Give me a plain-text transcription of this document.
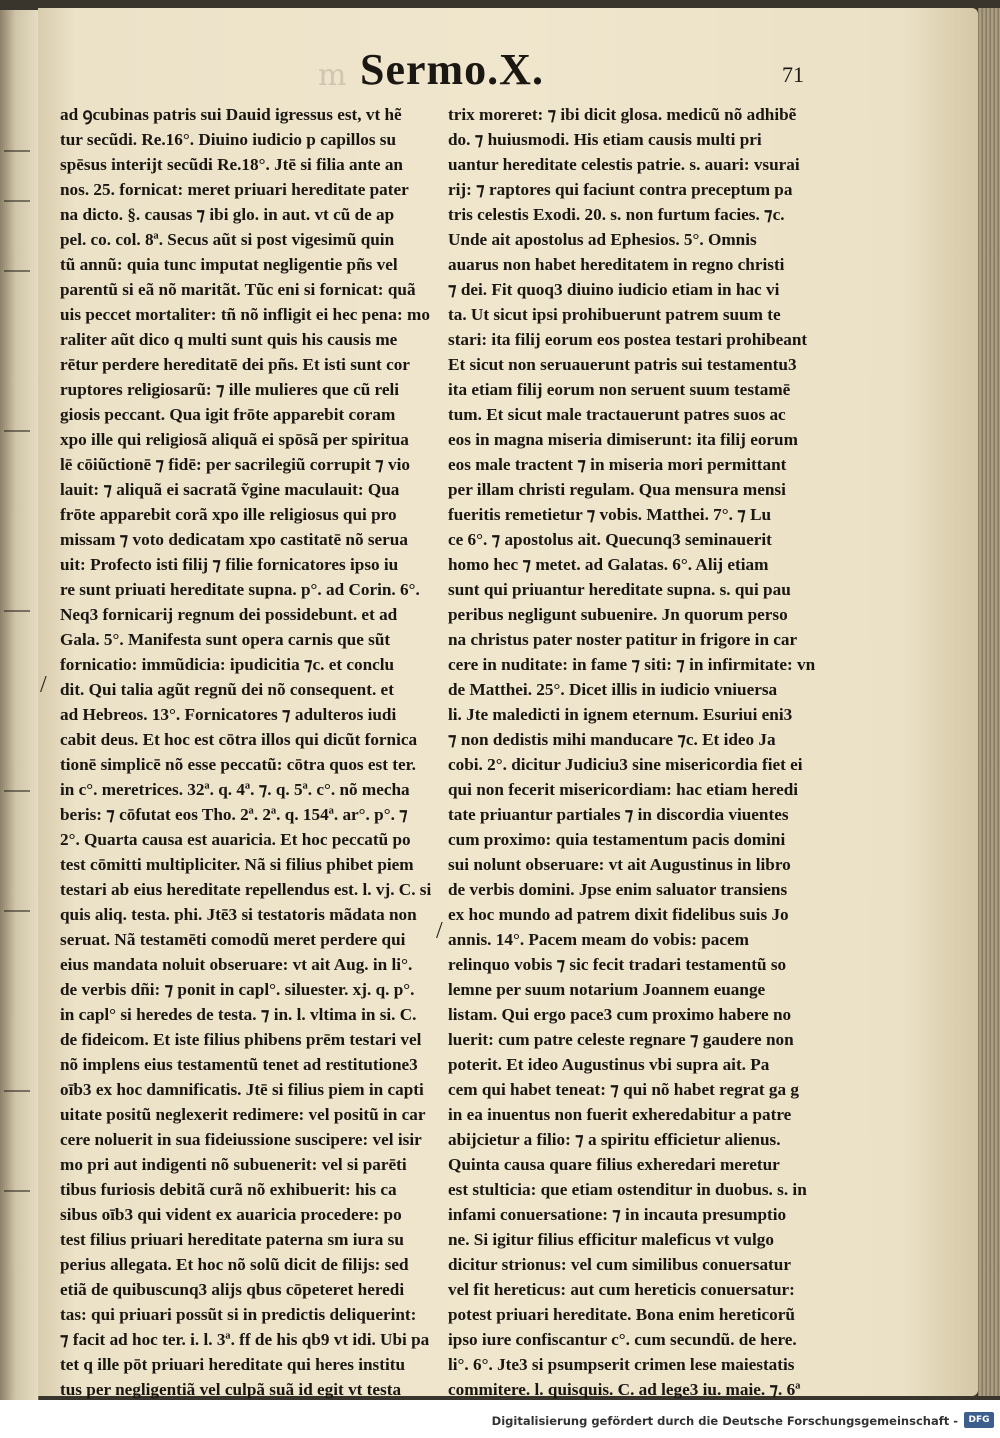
m Sermo.X.	71
ad ꝯcubinas patris sui Dauid igressus est, vt hẽ
tur secũdi. Re.16°. Diuino iudicio p capillos su
spēsus interijt secũdi Re.18°. Jtē si filia ante an
nos. 25. fornicat: meret priuari hereditate pater
na dicto. §. causas ⁊ ibi glo. in aut. vt cũ de ap
pel. co. col. 8ª. Secus aũt si post vigesimũ quin
tũ annũ: quia tunc imputat negligentie pñs vel
parentũ si eã nõ maritãt. Tũc eni si fornicat: quã
uis peccet mortaliter: tñ nõ infligit ei hec pena: mo
raliter aũt dico q multi sunt quis his causis me
rētur perdere hereditatē dei pñs. Et isti sunt cor
ruptores religiosarũ: ⁊ ille mulieres que cũ reli
giosis peccant. Qua igit frōte apparebit coram
xpo ille qui religiosã aliquã ei spōsã per spiritua
lē cōiũctionē ⁊ fidē: per sacrilegiũ corrupit ⁊ vio
lauit: ⁊ aliquã ei sacratã ṽgine maculauit: Qua
frōte apparebit corã xpo ille religiosus qui pro
missam ⁊ voto dedicatam xpo castitatē nõ serua
uit: Profecto isti filij ⁊ filie fornicatores ipso iu
re sunt priuati hereditate supna. p°. ad Corin. 6°.
Neq3 fornicarij regnum dei possidebunt. et ad
Gala. 5°. Manifesta sunt opera carnis que sũt
fornicatio: immũdicia: ipudicitia ⁊c. et conclu
dit. Qui talia agũt regnũ dei nõ consequent. et
ad Hebreos. 13°. Fornicatores ⁊ adulteros iudi
cabit deus. Et hoc est cōtra illos qui dicũt fornica
tionē simplicē nõ esse peccatũ: cōtra quos est ter.
in c°. meretrices. 32ª. q. 4ª. ⁊. q. 5ª. c°. nõ mecha
beris: ⁊ cōfutat eos Tho. 2ª. 2ª. q. 154ª. ar°. p°. ⁊
2°. Quarta causa est auaricia. Et hoc peccatũ po
test cōmitti multipliciter. Nã si filius phibet piem
testari ab eius hereditate repellendus est. l. vj. C. si
quis aliq. testa. phi. Jtē3 si testatoris mãdata non
seruat. Nã testamēti comodũ meret perdere qui
eius mandata noluit obseruare: vt ait Aug. in li°.
de verbis dñi: ⁊ ponit in capl°. siluester. xj. q. p°.
in capl° si heredes de testa. ⁊ in. l. vltima in si. C.
de fideicom. Et iste filius phibens prēm testari vel
nõ implens eius testamentũ tenet ad restitutione3
oīb3 ex hoc damnificatis. Jtē si filius piem in capti
uitate positũ neglexerit redimere: vel positũ in car
cere noluerit in sua fideiussione suscipere: vel isir
mo pri aut indigenti nõ subuenerit: vel si parēti
tibus furiosis debitã curã nõ exhibuerit: his ca
sibus oīb3 qui vident ex auaricia procedere: po
test filius priuari hereditate paterna sm iura su
perius allegata. Et hoc nõ solũ dicit de filijs: sed
etiã de quibuscunq3 alijs qbus cōpeteret heredi
tas: qui priuari possũt si in predictis deliquerint:
⁊ facit ad hoc ter. i. l. 3ª. ff de his qb9 vt idi. Ubi pa
tet q ille pōt priuari hereditate qui heres institu
tus per negligentiã vel culpã suã id egit vt testa
trix moreret: ⁊ ibi dicit glosa. medicũ nõ adhibẽ
do. ⁊ huiusmodi. His etiam causis multi pri
uantur hereditate celestis patrie. s. auari: vsurai
rij: ⁊ raptores qui faciunt contra preceptum pa
tris celestis Exodi. 20. s. non furtum facies. ⁊c.
Unde ait apostolus ad Ephesios. 5°. Omnis
auarus non habet hereditatem in regno christi
⁊ dei. Fit quoq3 diuino iudicio etiam in hac vi
ta. Ut sicut ipsi prohibuerunt patrem suum te
stari: ita filij eorum eos postea testari prohibeant
Et sicut non seruauerunt patris sui testamentu3
ita etiam filij eorum non seruent suum testamē
tum. Et sicut male tractauerunt patres suos ac
eos in magna miseria dimiserunt: ita filij eorum
eos male tractent ⁊ in miseria mori permittant
per illam christi regulam. Qua mensura mensi
fueritis remetietur ⁊ vobis. Matthei. 7°. ⁊ Lu
ce 6°. ⁊ apostolus ait. Quecunq3 seminauerit
homo hec ⁊ metet. ad Galatas. 6°. Alij etiam
sunt qui priuantur hereditate supna. s. qui pau
peribus negligunt subuenire. Jn quorum perso
na christus pater noster patitur in frigore in car
cere in nuditate: in fame ⁊ siti: ⁊ in infirmitate: vn
de Matthei. 25°. Dicet illis in iudicio vniuersa
li. Jte maledicti in ignem eternum. Esuriui eni3
⁊ non dedistis mihi manducare ⁊c. Et ideo Ja
cobi. 2°. dicitur Judiciu3 sine misericordia fiet ei
qui non fecerit misericordiam: hac etiam heredi
tate priuantur partiales ⁊ in discordia viuentes
cum proximo: quia testamentum pacis domini
sui nolunt obseruare: vt ait Augustinus in libro
de verbis domini. Jpse enim saluator transiens
ex hoc mundo ad patrem dixit fidelibus suis Jo
annis. 14°. Pacem meam do vobis: pacem
relinquo vobis ⁊ sic fecit tradari testamentũ so
lemne per suum notarium Joannem euange
listam. Qui ergo pace3 cum proximo habere no
luerit: cum patre celeste regnare ⁊ gaudere non
poterit. Et ideo Augustinus vbi supra ait. Pa
cem qui habet teneat: ⁊ qui nõ habet regrat ga g
in ea inuentus non fuerit exheredabitur a patre
abijcietur a filio: ⁊ a spiritu efficietur alienus.
Quinta causa quare filius exheredari meretur
est stulticia: que etiam ostenditur in duobus. s. in
infami conuersatione: ⁊ in incauta presumptio
ne. Si igitur filius efficitur maleficus vt vulgo
dicitur strionus: vel cum similibus conuersatur
vel fit hereticus: aut cum hereticis conuersatur:
potest priuari hereditate. Bona enim hereticorũ
ipso iure confiscantur c°. cum secundũ. de here.
li°. 6°. Jte3 si psumpserit crimen lese maiestatis
commitere. l. quisquis. C. ad lege3 iu. maie. ⁊. 6ª
/
/
Digitalisierung gefördert durch die Deutsche Forschungsgemeinschaft -	DFG
